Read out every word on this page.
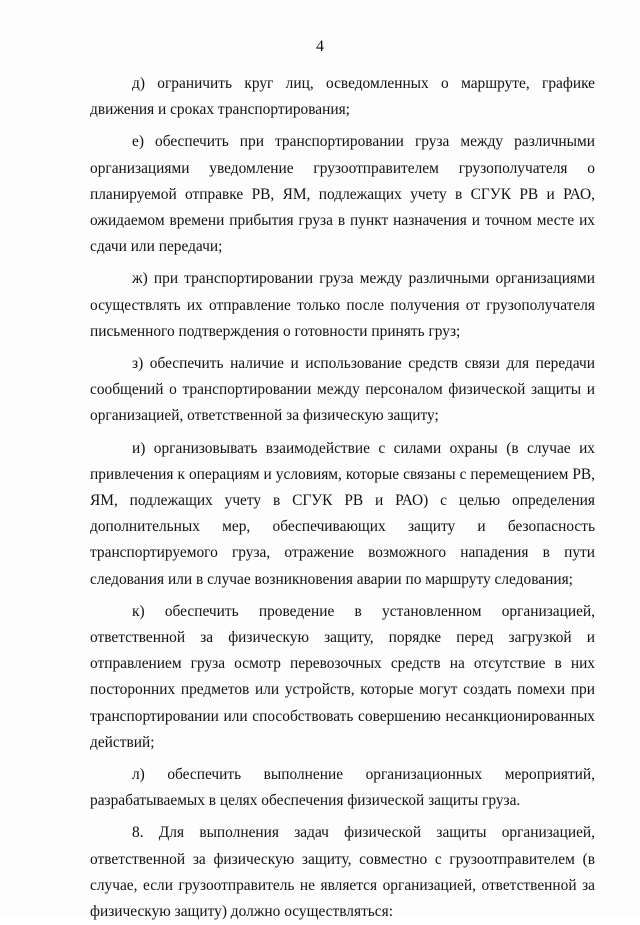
4

д) ограничить круг лиц, осведомленных о маршруте, графике движения и сроках транспортирования;

е) обеспечить при транспортировании груза между различными организациями уведомление грузоотправителем грузополучателя о планируемой отправке РВ, ЯМ, подлежащих учету в СГУК РВ и РАО, ожидаемом времени прибытия груза в пункт назначения и точном месте их сдачи или передачи;

ж) при транспортировании груза между различными организациями осуществлять их отправление только после получения от грузополучателя письменного подтверждения о готовности принять груз;

з) обеспечить наличие и использование средств связи для передачи сообщений о транспортировании между персоналом физической защиты и организацией, ответственной за физическую защиту;

и) организовывать взаимодействие с силами охраны (в случае их привлечения к операциям и условиям, которые связаны с перемещением РВ, ЯМ, подлежащих учету в СГУК РВ и РАО) с целью определения дополнительных мер, обеспечивающих защиту и безопасность транспортируемого груза, отражение возможного нападения в пути следования или в случае возникновения аварии по маршруту следования;

к) обеспечить проведение в установленном организацией, ответственной за физическую защиту, порядке перед загрузкой и отправлением груза осмотр перевозочных средств на отсутствие в них посторонних предметов или устройств, которые могут создать помехи при транспортировании или способствовать совершению несанкционированных действий;

л) обеспечить выполнение организационных мероприятий, разрабатываемых в целях обеспечения физической защиты груза.

8. Для выполнения задач физической защиты организацией, ответственной за физическую защиту, совместно с грузоотправителем (в случае, если грузоотправитель не является организацией, ответственной за физическую защиту) должно осуществляться:
